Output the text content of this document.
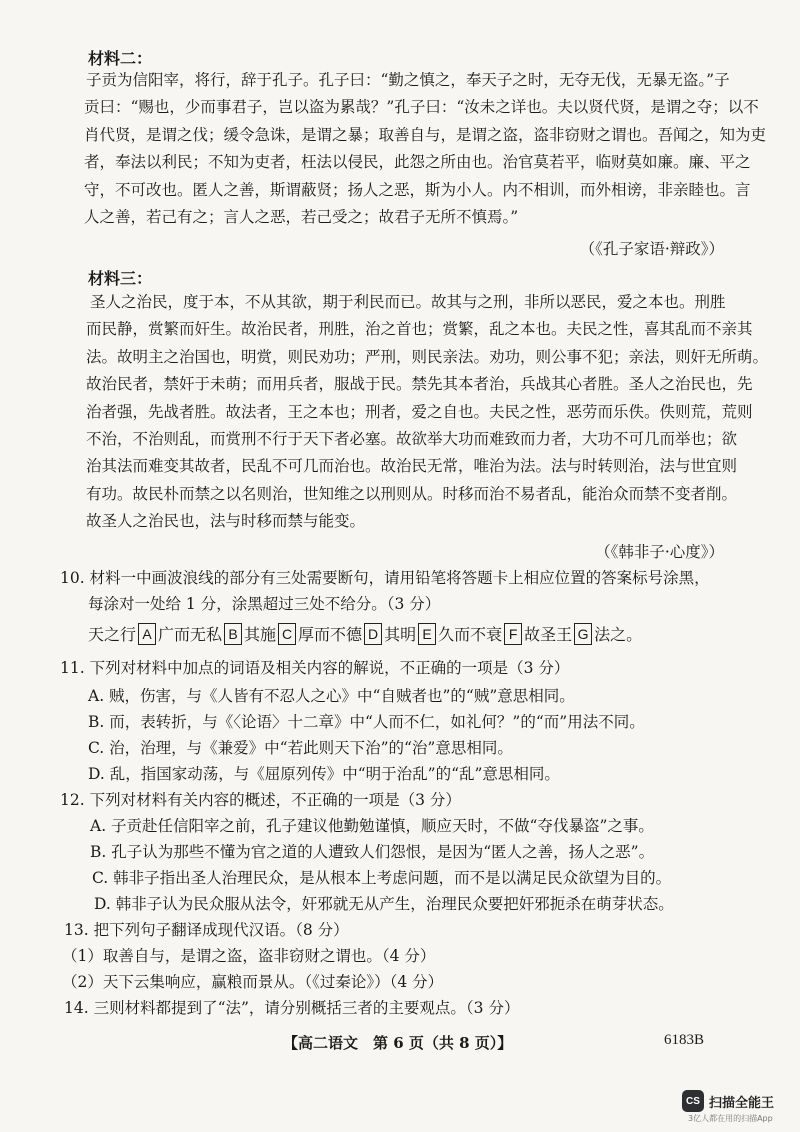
材料二：

子贡为信阳宰，将行，辞于孔子。孔子曰：“勤之慎之，奉天子之时，无夺无伐，无暴无盗。”子

贡曰：“赐也，少而事君子，岂以盗为累哉？”孔子曰：“汝未之详也。夫以贤代贤，是谓之夺；以不

肖代贤，是谓之伐；缓令急诛，是谓之暴；取善自与，是谓之盗，盗非窃财之谓也。吾闻之，知为吏

者，奉法以利民；不知为吏者，枉法以侵民，此怨之所由也。治官莫若平，临财莫如廉。廉、平之

守，不可改也。匿人之善，斯谓蔽贤；扬人之恶，斯为小人。内不相训，而外相谤，非亲睦也。言

人之善，若己有之；言人之恶，若己受之；故君子无所不慎焉。”

（《孔子家语·辩政》）
材料三：

圣人之治民，度于本，不从其欲，期于利民而已。故其与之刑，非所以恶民，爱之本也。刑胜

而民静，赏繁而奸生。故治民者，刑胜，治之首也；赏繁，乱之本也。夫民之性，喜其乱而不亲其

法。故明主之治国也，明赏，则民劝功；严刑，则民亲法。劝功，则公事不犯；亲法，则奸无所萌。

故治民者，禁奸于未萌；而用兵者，服战于民。禁先其本者治，兵战其心者胜。圣人之治民也，先

治者强，先战者胜。故法者，王之本也；刑者，爱之自也。夫民之性，恶劳而乐佚。佚则荒，荒则

不治，不治则乱，而赏刑不行于天下者必塞。故欲举大功而难致而力者，大功不可几而举也；欲

治其法而难变其故者，民乱不可几而治也。故治民无常，唯治为法。法与时转则治，法与世宜则

有功。故民朴而禁之以名则治，世知维之以刑则从。时移而治不易者乱，能治众而禁不变者削。

故圣人之治民也，法与时移而禁与能变。

（《韩非子·心度》）
10. 材料一中画波浪线的部分有三处需要断句，请用铅笔将答题卡上相应位置的答案标号涂黑，
每涂对一处给 1 分，涂黑超过三处不给分。（3 分）
天之行 A 广而无私 B 其施 C 厚而不德 D 其明 E 久而不衰 F 故圣王 G 法之。
11. 下列对材料中加点的词语及相关内容的解说，不正确的一项是（3 分）
A. 贼，伤害，与《人皆有不忍人之心》中“自贼者也”的“贼”意思相同。
B. 而，表转折，与《〈论语〉十二章》中“人而不仁，如礼何？”的“而”用法不同。
C. 治，治理，与《兼爱》中“若此则天下治”的“治”意思相同。
D. 乱，指国家动荡，与《屈原列传》中“明于治乱”的“乱”意思相同。
12. 下列对材料有关内容的概述，不正确的一项是（3 分）
A. 子贡赴任信阳宰之前，孔子建议他勤勉谨慎，顺应天时，不做“夺伐暴盗”之事。
B. 孔子认为那些不懂为官之道的人遭致人们怨恨，是因为“匿人之善，扬人之恶”。
C. 韩非子指出圣人治理民众，是从根本上考虑问题，而不是以满足民众欲望为目的。
D. 韩非子认为民众服从法令，奸邪就无从产生，治理民众要把奸邪扼杀在萌芽状态。
13. 把下列句子翻译成现代汉语。（8 分）
（1）取善自与，是谓之盗，盗非窃财之谓也。（4 分）
（2）天下云集响应，赢粮而景从。（《过秦论》）（4 分）
14. 三则材料都提到了“法”，请分别概括三者的主要观点。（3 分）
【高二语文　第 6 页（共 8 页）】	6183B
CS 扫描全能王
3亿人都在用的扫描App
